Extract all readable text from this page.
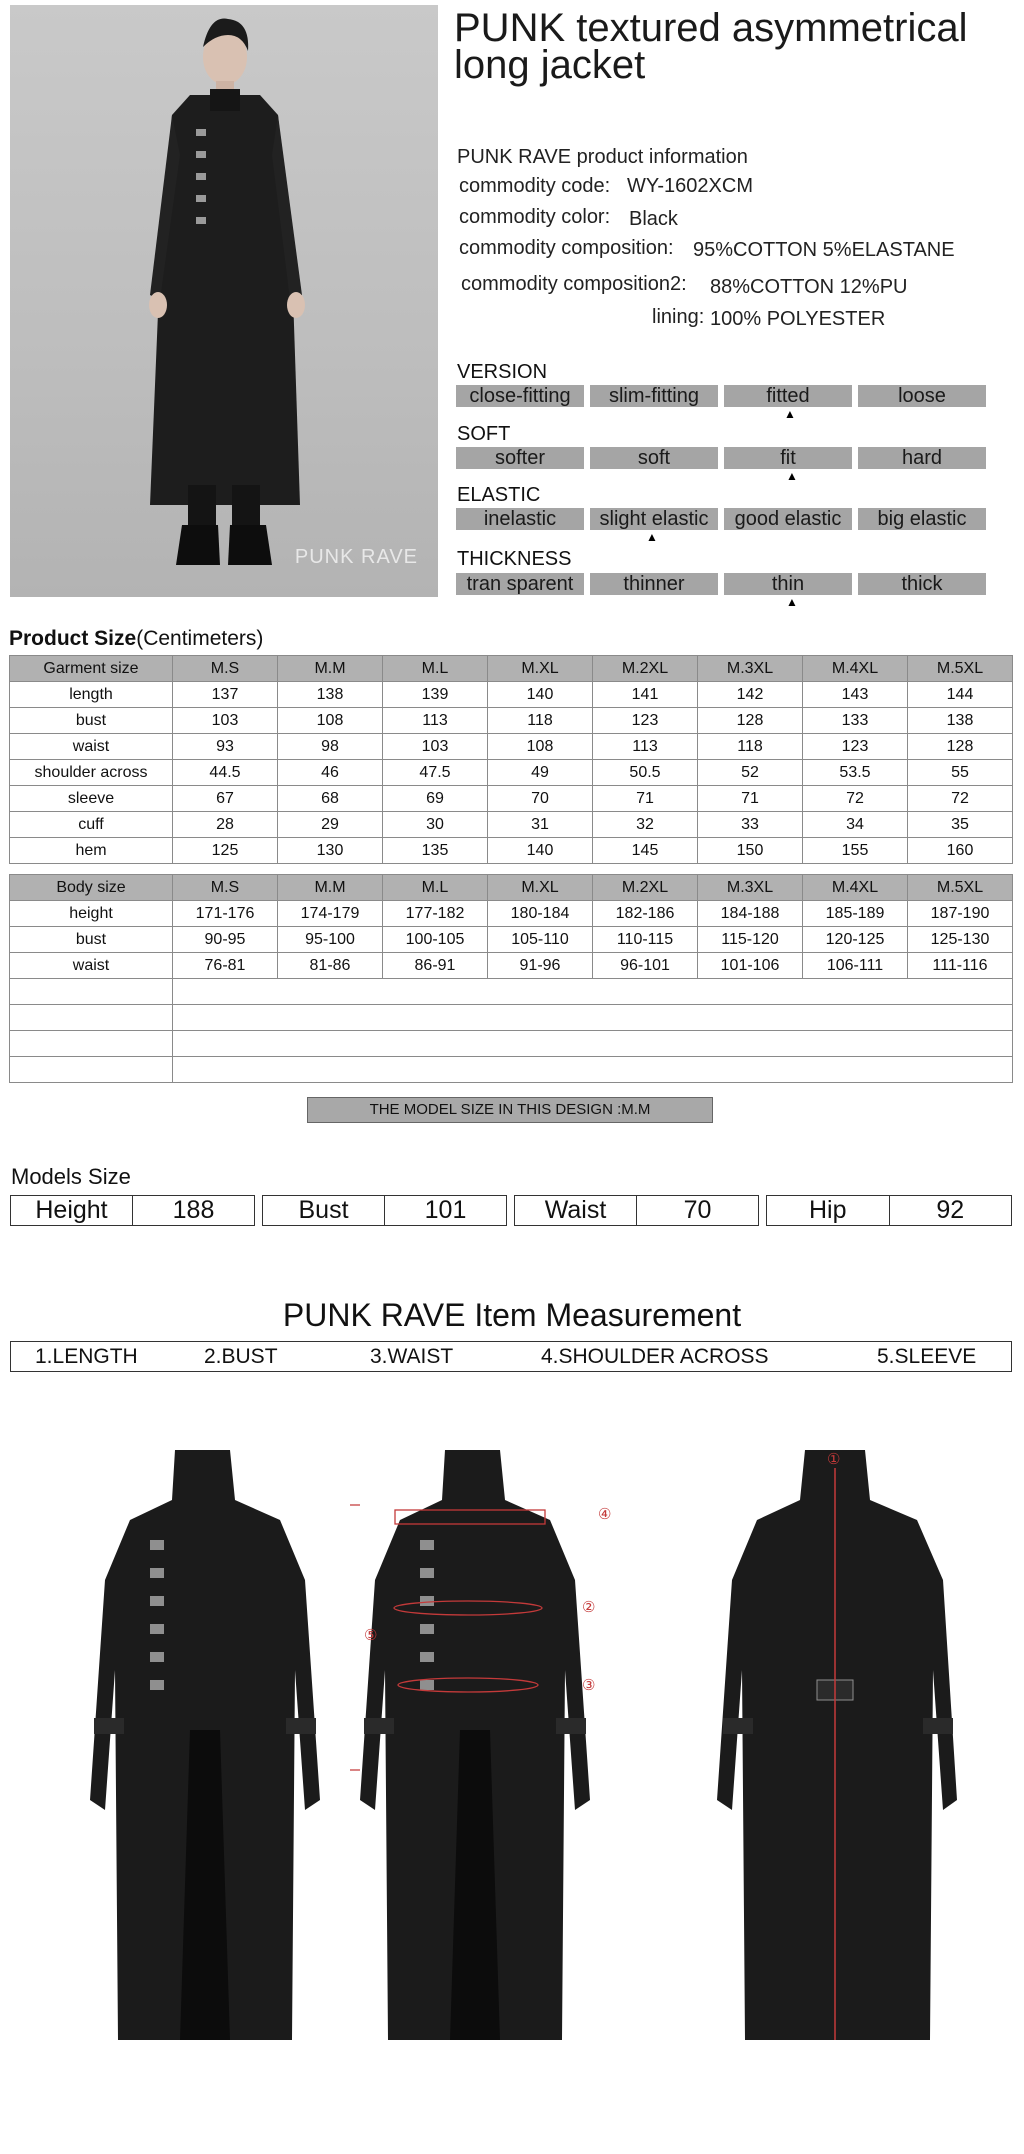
PUNK RAVE
PUNK textured asymmetrical
long jacket
PUNK RAVE product information
commodity code: WY-1602XCM
commodity color: Black
commodity composition: 95%COTTON 5%ELASTANE
commodity composition2: 88%COTTON 12%PU
lining: 100% POLYESTER
VERSION
close-fitting	slim-fitting	fitted	loose
▲
SOFT
softer	soft	fit	hard
▲
ELASTIC
inelastic	slight elastic	good elastic	big elastic
▲
THICKNESS
tran sparent	thinner	thin	thick
▲
Product Size(Centimeters)
Garment size	M.S	M.M	M.L	M.XL	M.2XL	M.3XL	M.4XL	M.5XL
length	137	138	139	140	141	142	143	144
bust	103	108	113	118	123	128	133	138
waist	93	98	103	108	113	118	123	128
shoulder across	44.5	46	47.5	49	50.5	52	53.5	55
sleeve	67	68	69	70	71	71	72	72
cuff	28	29	30	31	32	33	34	35
hem	125	130	135	140	145	150	155	160
Body size	M.S	M.M	M.L	M.XL	M.2XL	M.3XL	M.4XL	M.5XL
height	171-176	174-179	177-182	180-184	182-186	184-188	185-189	187-190
bust	90-95	95-100	100-105	105-110	110-115	115-120	120-125	125-130
waist	76-81	81-86	86-91	91-96	96-101	101-106	106-111	111-116

THE MODEL SIZE IN THIS DESIGN :M.M
Models Size
Height	188	Bust	101	Waist	70	Hip	92
PUNK RAVE Item Measurement
1.LENGTH	2.BUST	3.WAIST	4.SHOULDER ACROSS	5.SLEEVE
④
②
③
⑤
①
